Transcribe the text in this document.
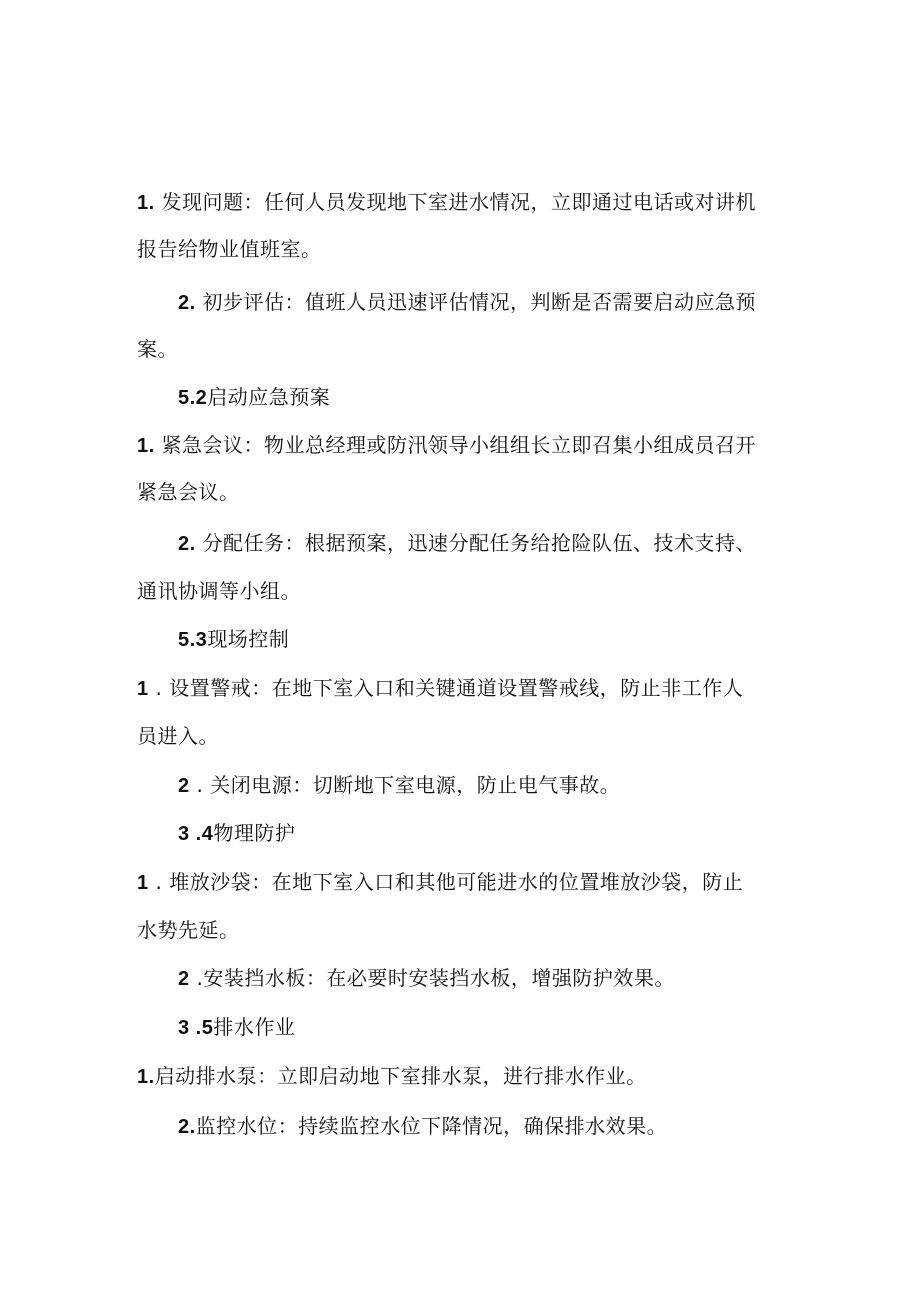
1. 发现问题：任何人员发现地下室进水情况，立即通过电话或对讲机
报告给物业值班室。
2. 初步评估：值班人员迅速评估情况，判断是否需要启动应急预
案。
5.2启动应急预案
1. 紧急会议：物业总经理或防汛领导小组组长立即召集小组成员召开
紧急会议。
2. 分配任务：根据预案，迅速分配任务给抢险队伍、技术支持、
通讯协调等小组。
5.3现场控制
1 . 设置警戒：在地下室入口和关键通道设置警戒线，防止非工作人
员进入。
2 . 关闭电源：切断地下室电源，防止电气事故。
3 .4物理防护
1 . 堆放沙袋：在地下室入口和其他可能进水的位置堆放沙袋，防止
水势先延。
2 .安装挡水板：在必要时安装挡水板，增强防护效果。
3 .5排水作业
1.启动排水泵：立即启动地下室排水泵，进行排水作业。
2.监控水位：持续监控水位下降情况，确保排水效果。
